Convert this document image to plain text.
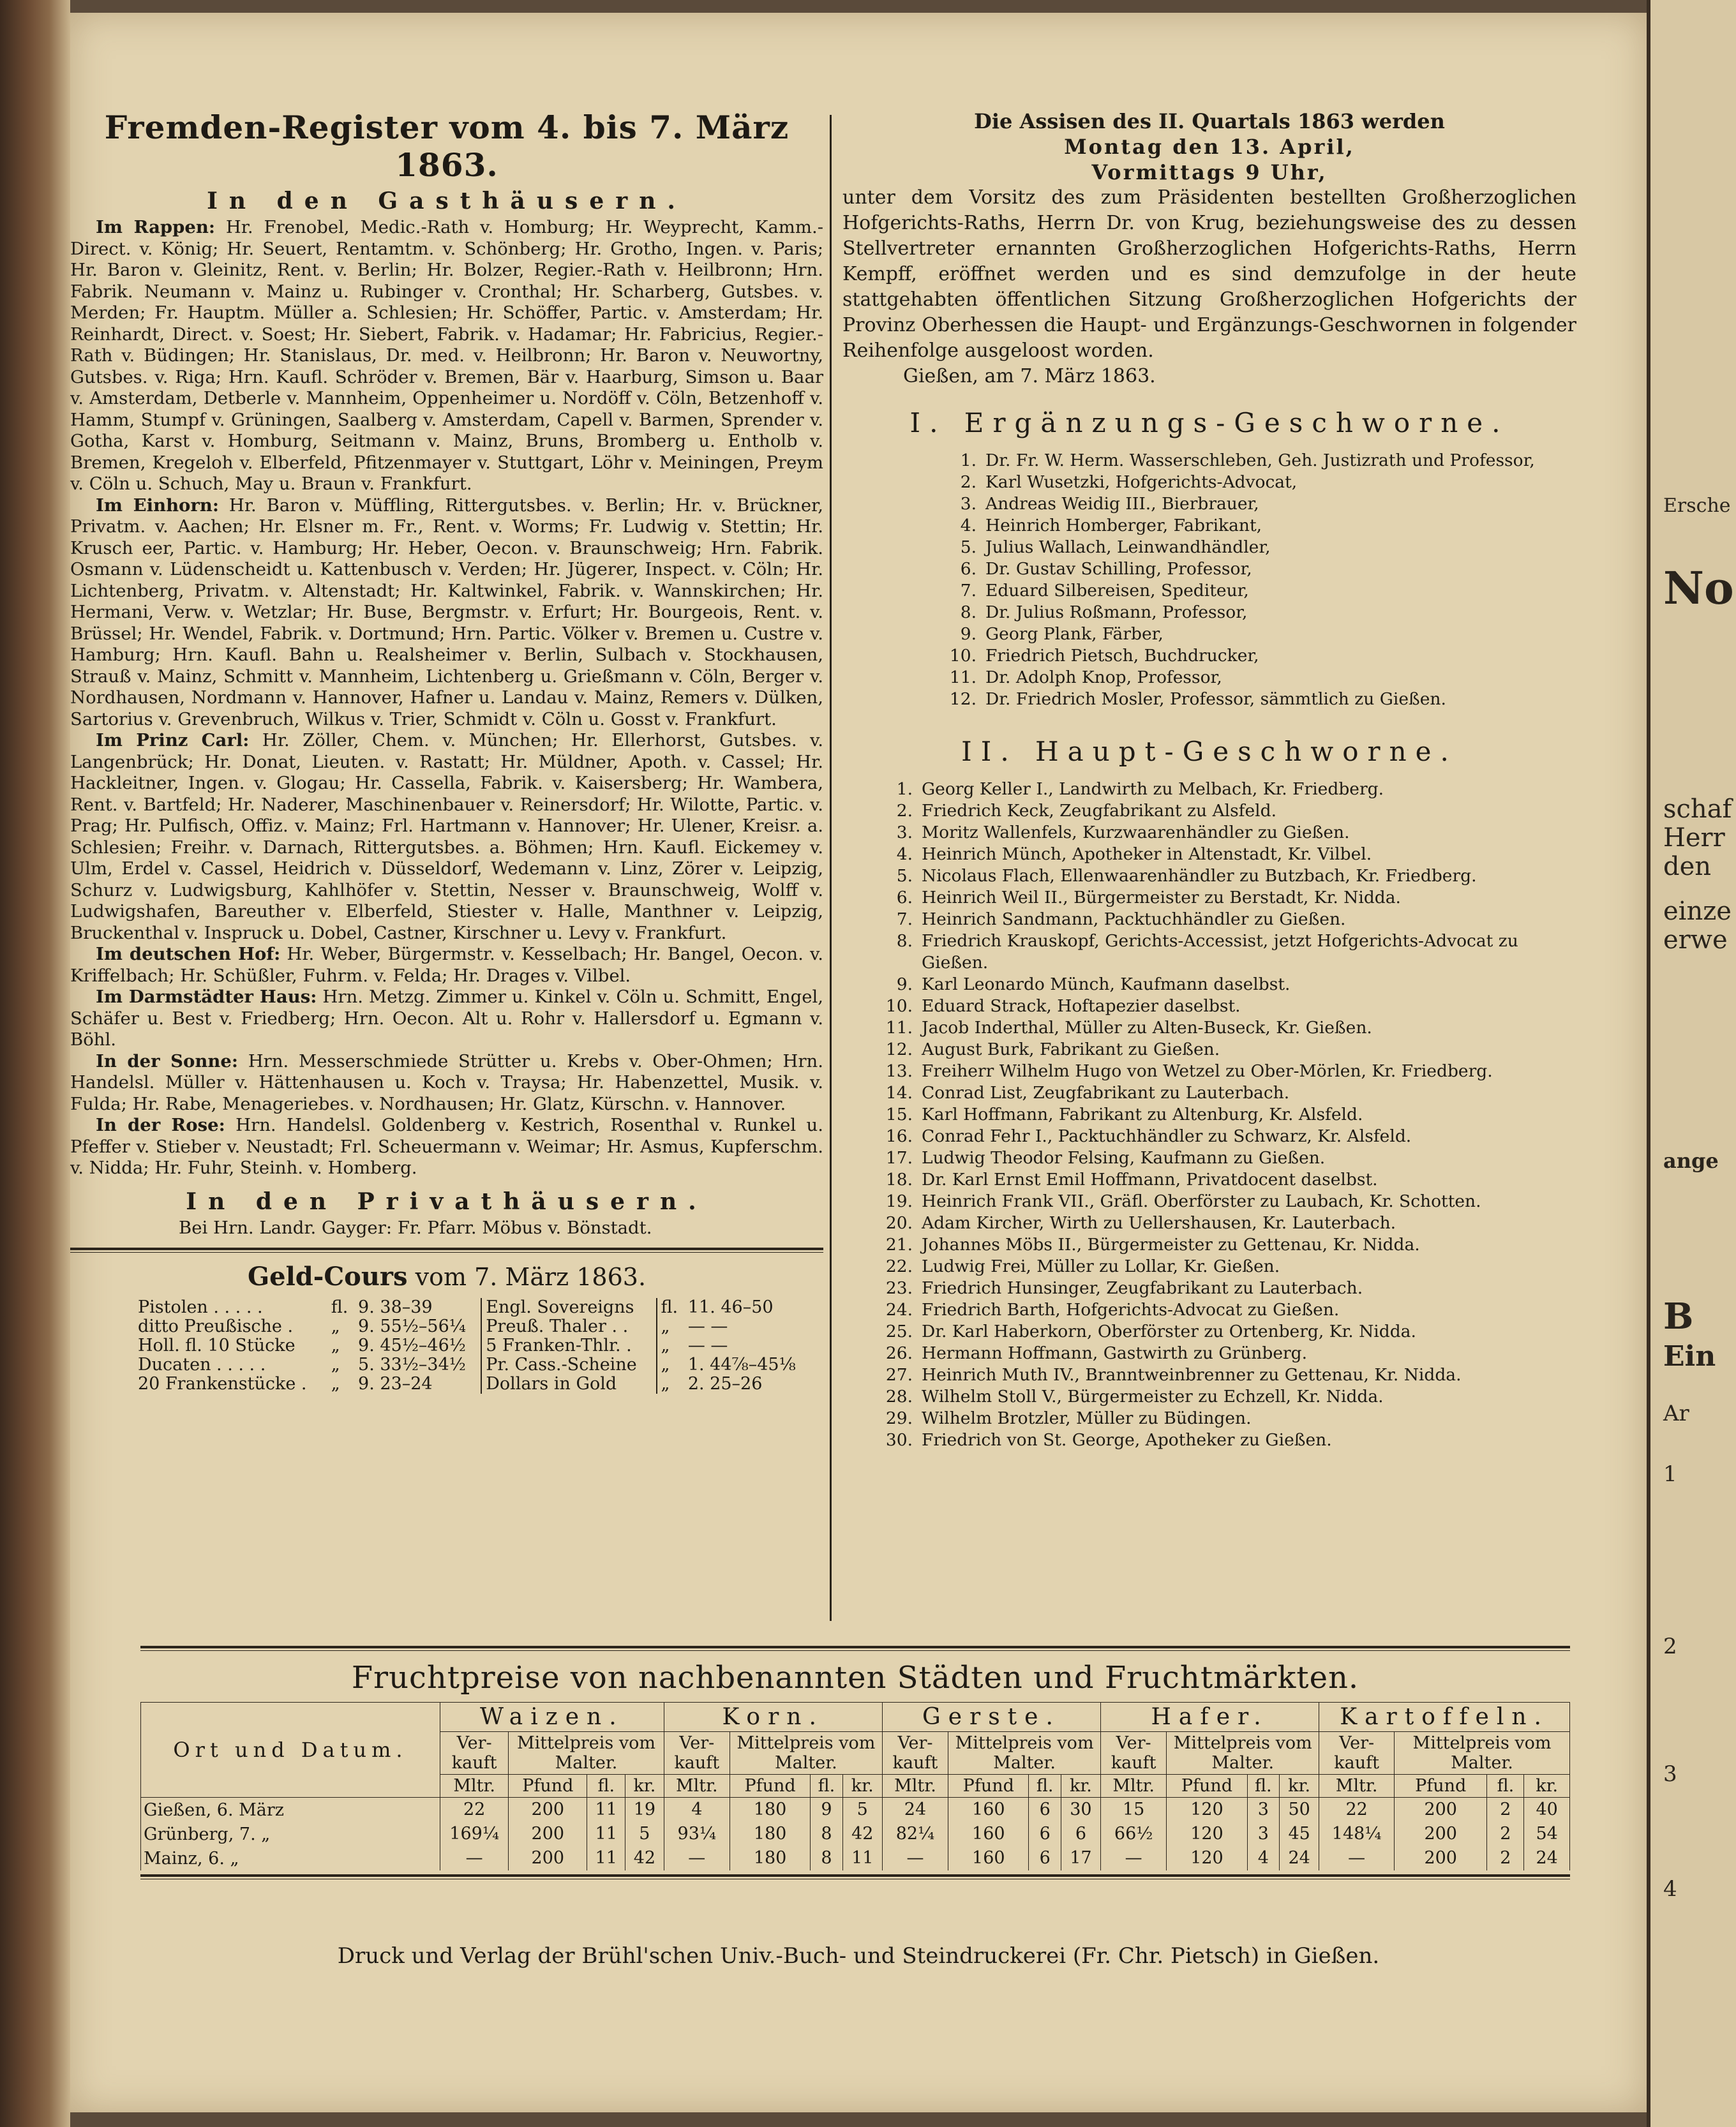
Ersche
No
schaf
Herr
den
einze
erwe
ange
B
Ein
Ar
1
2
3
4
Fremden-Register vom 4. bis 7. März 1863.
In den Gasthäusern.

Im Rappen: Hr. Frenobel, Medic.-Rath v. Homburg; Hr. Weyprecht, Kamm.-Direct. v. König; Hr. Seuert, Rentamtm. v. Schönberg; Hr. Grotho, Ingen. v. Paris; Hr. Baron v. Gleinitz, Rent. v. Berlin; Hr. Bolzer, Regier.-Rath v. Heilbronn; Hrn. Fabrik. Neumann v. Mainz u. Rubinger v. Cronthal; Hr. Scharberg, Gutsbes. v. Merden; Fr. Hauptm. Müller a. Schlesien; Hr. Schöffer, Partic. v. Amsterdam; Hr. Reinhardt, Direct. v. Soest; Hr. Siebert, Fabrik. v. Hadamar; Hr. Fabricius, Regier.-Rath v. Büdingen; Hr. Stanislaus, Dr. med. v. Heilbronn; Hr. Baron v. Neuwortny, Gutsbes. v. Riga; Hrn. Kaufl. Schröder v. Bremen, Bär v. Haarburg, Simson u. Baar v. Amsterdam, Detberle v. Mannheim, Oppenheimer u. Nordöff v. Cöln, Betzenhoff v. Hamm, Stumpf v. Grüningen, Saalberg v. Amsterdam, Capell v. Barmen, Sprender v. Gotha, Karst v. Homburg, Seitmann v. Mainz, Bruns, Bromberg u. Entholb v. Bremen, Kregeloh v. Elberfeld, Pfitzenmayer v. Stuttgart, Löhr v. Meiningen, Preym v. Cöln u. Schuch, May u. Braun v. Frankfurt.

Im Einhorn: Hr. Baron v. Müffling, Rittergutsbes. v. Berlin; Hr. v. Brückner, Privatm. v. Aachen; Hr. Elsner m. Fr., Rent. v. Worms; Fr. Ludwig v. Stettin; Hr. Krusch eer, Partic. v. Hamburg; Hr. Heber, Oecon. v. Braunschweig; Hrn. Fabrik. Osmann v. Lüdenscheidt u. Kattenbusch v. Verden; Hr. Jügerer, Inspect. v. Cöln; Hr. Lichtenberg, Privatm. v. Altenstadt; Hr. Kaltwinkel, Fabrik. v. Wannskirchen; Hr. Hermani, Verw. v. Wetzlar; Hr. Buse, Bergmstr. v. Erfurt; Hr. Bourgeois, Rent. v. Brüssel; Hr. Wendel, Fabrik. v. Dortmund; Hrn. Partic. Völker v. Bremen u. Custre v. Hamburg; Hrn. Kaufl. Bahn u. Realsheimer v. Berlin, Sulbach v. Stockhausen, Strauß v. Mainz, Schmitt v. Mannheim, Lichtenberg u. Grießmann v. Cöln, Berger v. Nordhausen, Nordmann v. Hannover, Hafner u. Landau v. Mainz, Remers v. Dülken, Sartorius v. Grevenbruch, Wilkus v. Trier, Schmidt v. Cöln u. Gosst v. Frankfurt.

Im Prinz Carl: Hr. Zöller, Chem. v. München; Hr. Ellerhorst, Gutsbes. v. Langenbrück; Hr. Donat, Lieuten. v. Rastatt; Hr. Müldner, Apoth. v. Cassel; Hr. Hackleitner, Ingen. v. Glogau; Hr. Cassella, Fabrik. v. Kaisersberg; Hr. Wambera, Rent. v. Bartfeld; Hr. Naderer, Maschinenbauer v. Reinersdorf; Hr. Wilotte, Partic. v. Prag; Hr. Pulfisch, Offiz. v. Mainz; Frl. Hartmann v. Hannover; Hr. Ulener, Kreisr. a. Schlesien; Freihr. v. Darnach, Rittergutsbes. a. Böhmen; Hrn. Kaufl. Eickemey v. Ulm, Erdel v. Cassel, Heidrich v. Düsseldorf, Wedemann v. Linz, Zörer v. Leipzig, Schurz v. Ludwigsburg, Kahlhöfer v. Stettin, Nesser v. Braunschweig, Wolff v. Ludwigshafen, Bareuther v. Elberfeld, Stiester v. Halle, Manthner v. Leipzig, Bruckenthal v. Inspruck u. Dobel, Castner, Kirschner u. Levy v. Frankfurt.

Im deutschen Hof: Hr. Weber, Bürgermstr. v. Kesselbach; Hr. Bangel, Oecon. v. Kriffelbach; Hr. Schüßler, Fuhrm. v. Felda; Hr. Drages v. Vilbel.

Im Darmstädter Haus: Hrn. Metzg. Zimmer u. Kinkel v. Cöln u. Schmitt, Engel, Schäfer u. Best v. Friedberg; Hrn. Oecon. Alt u. Rohr v. Hallersdorf u. Egmann v. Böhl.

In der Sonne: Hrn. Messerschmiede Strütter u. Krebs v. Ober-Ohmen; Hrn. Handelsl. Müller v. Hättenhausen u. Koch v. Traysa; Hr. Habenzettel, Musik. v. Fulda; Hr. Rabe, Menageriebes. v. Nordhausen; Hr. Glatz, Kürschn. v. Hannover.

In der Rose: Hrn. Handelsl. Goldenberg v. Kestrich, Rosenthal v. Runkel u. Pfeffer v. Stieber v. Neustadt; Frl. Scheuermann v. Weimar; Hr. Asmus, Kupferschm. v. Nidda; Hr. Fuhr, Steinh. v. Homberg.

In den Privathäusern.

Bei Hrn. Landr. Gayger: Fr. Pfarr. Möbus v. Bönstadt.

Geld-Cours vom 7. März 1863.
Pistolen . . . . .	fl.	9. 38–39	Engl. Sovereigns	fl.	11. 46–50
ditto Preußische .	„	9. 55½–56¼	Preuß. Thaler . .	„	— —
Holl. fl. 10 Stücke	„	9. 45½–46½	5 Franken-Thlr. .	„	— —
Ducaten . . . . .	„	5. 33½–34½	Pr. Cass.-Scheine	„	1. 44⅞–45⅛
20 Frankenstücke .	„	9. 23–24	Dollars in Gold	„	2. 25–26

Die Assisen des II. Quartals 1863 werden

Montag den 13. April,

Vormittags 9 Uhr,

unter dem Vorsitz des zum Präsidenten bestellten Großherzoglichen Hofgerichts-Raths, Herrn Dr. von Krug, beziehungsweise des zu dessen Stellvertreter ernannten Großherzoglichen Hofgerichts-Raths, Herrn Kempff, eröffnet werden und es sind demzufolge in der heute stattgehabten öffentlichen Sitzung Großherzoglichen Hofgerichts der Provinz Oberhessen die Haupt- und Ergänzungs-Geschwornen in folgender Reihenfolge ausgeloost worden.

Gießen, am 7. März 1863.

I. Ergänzungs-Geschworne.
1. Dr. Fr. W. Herm. Wasserschleben, Geh. Justizrath und Professor,
2. Karl Wusetzki, Hofgerichts-Advocat,
3. Andreas Weidig III., Bierbrauer,
4. Heinrich Homberger, Fabrikant,
5. Julius Wallach, Leinwandhändler,
6. Dr. Gustav Schilling, Professor,
7. Eduard Silbereisen, Spediteur,
8. Dr. Julius Roßmann, Professor,
9. Georg Plank, Färber,
10. Friedrich Pietsch, Buchdrucker,
11. Dr. Adolph Knop, Professor,
12. Dr. Friedrich Mosler, Professor, sämmtlich zu Gießen.
II. Haupt-Geschworne.
1. Georg Keller I., Landwirth zu Melbach, Kr. Friedberg.
2. Friedrich Keck, Zeugfabrikant zu Alsfeld.
3. Moritz Wallenfels, Kurzwaarenhändler zu Gießen.
4. Heinrich Münch, Apotheker in Altenstadt, Kr. Vilbel.
5. Nicolaus Flach, Ellenwaarenhändler zu Butzbach, Kr. Friedberg.
6. Heinrich Weil II., Bürgermeister zu Berstadt, Kr. Nidda.
7. Heinrich Sandmann, Packtuchhändler zu Gießen.
8. Friedrich Krauskopf, Gerichts-Accessist, jetzt Hofgerichts-Advocat zu Gießen.
9. Karl Leonardo Münch, Kaufmann daselbst.
10. Eduard Strack, Hoftapezier daselbst.
11. Jacob Inderthal, Müller zu Alten-Buseck, Kr. Gießen.
12. August Burk, Fabrikant zu Gießen.
13. Freiherr Wilhelm Hugo von Wetzel zu Ober-Mörlen, Kr. Friedberg.
14. Conrad List, Zeugfabrikant zu Lauterbach.
15. Karl Hoffmann, Fabrikant zu Altenburg, Kr. Alsfeld.
16. Conrad Fehr I., Packtuchhändler zu Schwarz, Kr. Alsfeld.
17. Ludwig Theodor Felsing, Kaufmann zu Gießen.
18. Dr. Karl Ernst Emil Hoffmann, Privatdocent daselbst.
19. Heinrich Frank VII., Gräfl. Oberförster zu Laubach, Kr. Schotten.
20. Adam Kircher, Wirth zu Uellershausen, Kr. Lauterbach.
21. Johannes Möbs II., Bürgermeister zu Gettenau, Kr. Nidda.
22. Ludwig Frei, Müller zu Lollar, Kr. Gießen.
23. Friedrich Hunsinger, Zeugfabrikant zu Lauterbach.
24. Friedrich Barth, Hofgerichts-Advocat zu Gießen.
25. Dr. Karl Haberkorn, Oberförster zu Ortenberg, Kr. Nidda.
26. Hermann Hoffmann, Gastwirth zu Grünberg.
27. Heinrich Muth IV., Branntweinbrenner zu Gettenau, Kr. Nidda.
28. Wilhelm Stoll V., Bürgermeister zu Echzell, Kr. Nidda.
29. Wilhelm Brotzler, Müller zu Büdingen.
30. Friedrich von St. George, Apotheker zu Gießen.
Fruchtpreise von nachbenannten Städten und Fruchtmärkten.
Ort und Datum.	Waizen.				Korn.				Gerste.				Hafer.				Kartoffeln.			
	Ver-kauft	Mittelpreis vom Malter.			Ver-kauft	Mittelpreis vom Malter.			Ver-kauft	Mittelpreis vom Malter.			Ver-kauft	Mittelpreis vom Malter.			Ver-kauft	Mittelpreis vom Malter.		
	Mltr.	Pfund	fl.	kr.	Mltr.	Pfund	fl.	kr.	Mltr.	Pfund	fl.	kr.	Mltr.	Pfund	fl.	kr.	Mltr.	Pfund	fl.	kr.
Gießen, 6. März	22	200	11	19	4	180	9	5	24	160	6	30	15	120	3	50	22	200	2	40
Grünberg, 7. „	169¼	200	11	5	93¼	180	8	42	82¼	160	6	6	66½	120	3	45	148¼	200	2	54
Mainz, 6. „	—	200	11	42	—	180	8	11	—	160	6	17	—	120	4	24	—	200	2	24
Druck und Verlag der Brühl'schen Univ.-Buch- und Steindruckerei (Fr. Chr. Pietsch) in Gießen.
